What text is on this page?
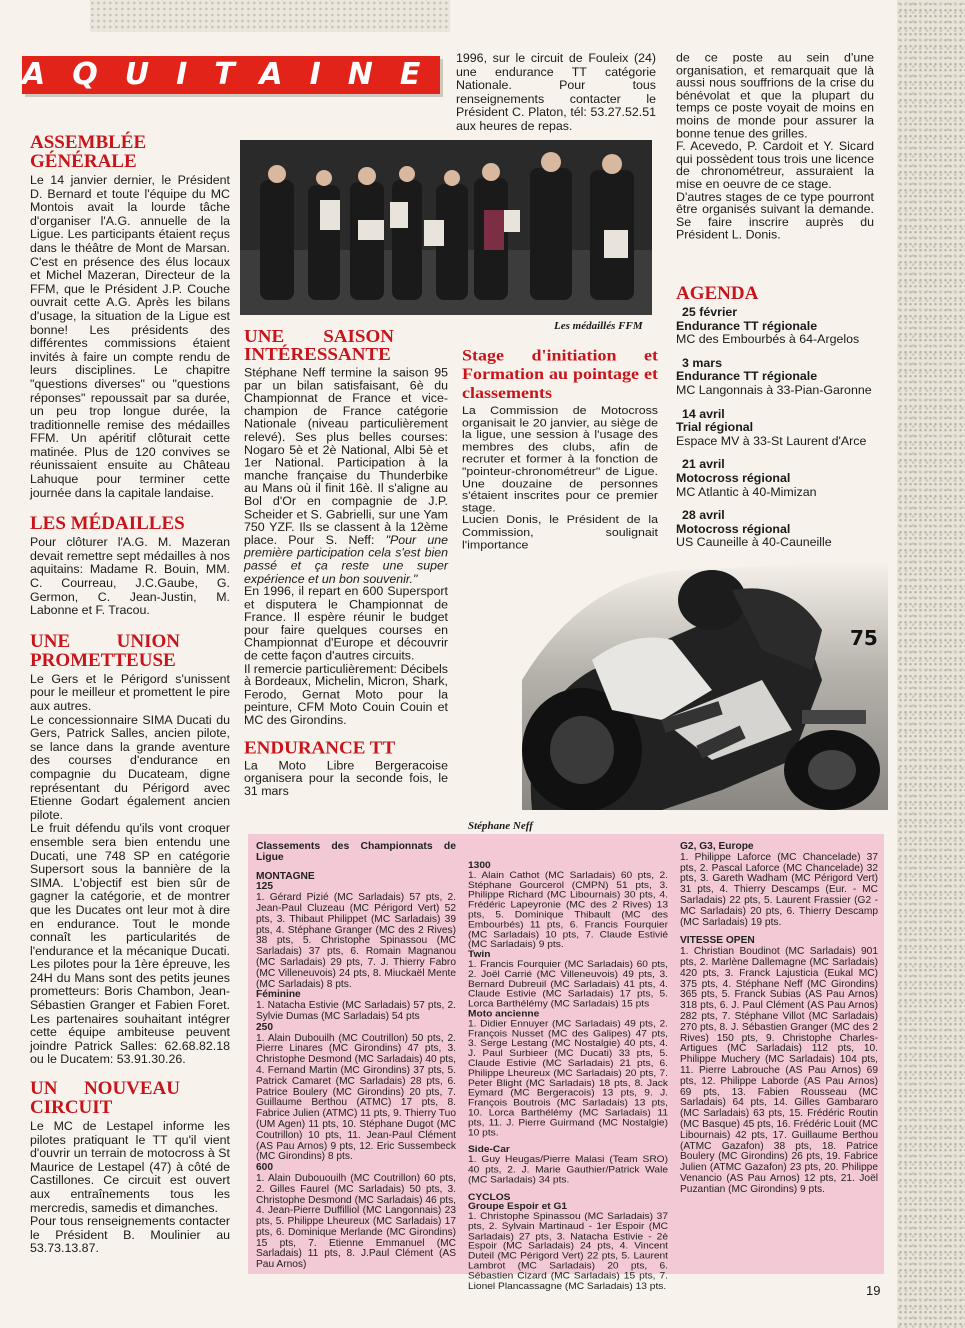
AQUITAINE
ASSEMBLÉE GÉNÉRALE

Le 14 janvier dernier, le Président D. Bernard et toute l'équipe du MC Montois avait la lourde tâche d'organiser l'A.G. annuelle de la Ligue. Les participants étaient reçus dans le théâtre de Mont de Marsan. C'est en présence des élus locaux et Michel Mazeran, Directeur de la FFM, que le Président J.P. Couche ouvrait cette A.G. Après les bilans d'usage, la situation de la Ligue est bonne! Les présidents des différentes commissions étaient invités à faire un compte rendu de leurs disciplines. Le chapitre "questions diverses" ou "questions réponses" repoussait par sa durée, un peu trop longue durée, la traditionnelle remise des médailles FFM. Un apéritif clôturait cette matinée. Plus de 120 convives se réunissaient ensuite au Château Lahuque pour terminer cette journée dans la capitale landaise.

LES MÉDAILLES

Pour clôturer l'A.G. M. Mazeran devait remettre sept médailles à nos aquitains: Madame R. Bouin, MM. C. Courreau, J.C.Gaube, G. Germon, C. Jean-Justin, M. Labonne et F. Tracou.

UNE UNION PROMETTEUSE

Le Gers et le Périgord s'unissent pour le meilleur et promettent le pire aux autres.

Le concessionnaire SIMA Ducati du Gers, Patrick Salles, ancien pilote, se lance dans la grande aventure des courses d'endurance en compagnie du Ducateam, digne représentant du Périgord avec Etienne Godart également ancien pilote.

Le fruit défendu qu'ils vont croquer ensemble sera bien entendu une Ducati, une 748 SP en catégorie Supersort sous la bannière de la SIMA. L'objectif est bien sûr de gagner la catégorie, et de montrer que les Ducates ont leur mot à dire en endurance. Tout le monde connaît les particularités de l'endurance et la mécanique Ducati. Les pilotes pour la 1ère épreuve, les 24H du Mans sont des petits jeunes prometteurs: Boris Chambon, Jean-Sébastien Granger et Fabien Foret. Les partenaires souhaitant intégrer cette équipe ambiteuse peuvent joindre Patrick Salles: 62.68.82.18 ou le Ducatem: 53.91.30.26.

UN NOUVEAU CIRCUIT

Le MC de Lestapel informe les pilotes pratiquant le TT qu'il vient d'ouvrir un terrain de motocross à St Maurice de Lestapel (47) à côté de Castillones. Ce circuit est ouvert aux entraînements tous les mercredis, samedis et dimanches.

Pour tous renseignements contacter le Président B. Moulinier au 53.73.13.87.

1996, sur le circuit de Fouleix (24) une endurance TT catégorie Nationale. Pour tous renseignements contacter le Président C. Platon, tél: 53.27.52.51 aux heures de repas.

Les médaillés FFM
UNE SAISON INTÉRESSANTE

Stéphane Neff termine la saison 95 par un bilan satisfaisant, 6è du Championnat de France et vice-champion de France catégorie Nationale (niveau particulièrement relevé). Ses plus belles courses: Nogaro 5è et 2è National, Albi 5è et 1er National. Participation à la manche française du Thunderbike au Mans où il finit 16è. Il s'aligne au Bol d'Or en compagnie de J.P. Scheider et S. Gabrielli, sur une Yam 750 YZF. Ils se classent à la 12ème place. Pour S. Neff: "Pour une première participation cela s'est bien passé et ça reste une super expérience et un bon souvenir."

En 1996, il repart en 600 Supersport et disputera le Championnat de France. Il espère réunir le budget pour faire quelques courses en Championnat d'Europe et découvrir de cette façon d'autres circuits.

Il remercie particulièrement: Décibels à Bordeaux, Michelin, Micron, Shark, Ferodo, Gernat Moto pour la peinture, CFM Moto Couin Couin et MC des Girondins.

ENDURANCE TT

La Moto Libre Bergeracoise organisera pour la seconde fois, le 31 mars

Stage d'initiation et Formation au pointage et classements

La Commission de Motocross organisait le 20 janvier, au siège de la ligue, une session à l'usage des membres des clubs, afin de recruter et former à la fonction de "pointeur-chronométreur" de Ligue. Une douzaine de personnes s'étaient inscrites pour ce premier stage.

Lucien Donis, le Président de la Commission, soulignait l'importance

de ce poste au sein d'une organisation, et remarquait que là aussi nous souffrions de la crise du bénévolat et que la plupart du temps ce poste voyait de moins en moins de monde pour assurer la bonne tenue des grilles.

F. Acevedo, P. Cardoit et Y. Sicard qui possèdent tous trois une licence de chronométreur, assuraient la mise en oeuvre de ce stage.

D'autres stages de ce type pourront être organisés suivant la demande. Se faire inscrire auprès du Président L. Donis.

AGENDA
25 février
Endurance TT régionale
MC des Embourbés à 64-Argelos
3 mars
Endurance TT régionale
MC Langonnais à 33-Pian-Garonne
14 avril
Trial régional
Espace MV à 33-St Laurent d'Arce
21 avril
Motocross régional
MC Atlantic à 40-Mimizan
28 avril
Motocross régional
US Cauneille à 40-Cauneille
75
Stéphane Neff

Classements des Championnats de Ligue

MONTAGNE

125

1. Gérard Pizié (MC Sarladais) 57 pts, 2. Jean-Paul Cluzeau (MC Périgord Vert) 52 pts, 3. Thibaut Philippet (MC Sarladais) 39 pts, 4. Stéphane Granger (MC des 2 Rives) 38 pts, 5. Christophe Spinassou (MC Sarladais) 37 pts, 6. Romain Magnanou (MC Sarladais) 29 pts, 7. J. Thierry Fabro (MC Villeneuvois) 24 pts, 8. Miuckaël Mente (MC Sarladais) 8 pts.

Féminine

1. Natacha Estivie (MC Sarladais) 57 pts, 2. Sylvie Dumas (MC Sarladais) 54 pts

250

1. Alain Dubouilh (MC Coutrillon) 50 pts, 2. Pierre Linares (MC Girondins) 47 pts, 3. Christophe Desmond (MC Sarladais) 40 pts, 4. Fernand Martin (MC Girondins) 37 pts, 5. Patrick Camaret (MC Sarladais) 28 pts, 6. Patrice Boulery (MC Girondins) 20 pts, 7. Guillaume Berthou (ATMC) 17 pts, 8. Fabrice Julien (ATMC) 11 pts, 9. Thierry Tuo (UM Agen) 11 pts, 10. Stéphane Dugot (MC Coutrillon) 10 pts, 11. Jean-Paul Clément (AS Pau Arnos) 9 pts, 12. Eric Sussembeck (MC Girondins) 8 pts.

600

1. Alain Dubououilh (MC Coutrillon) 60 pts, 2. Gilles Faurel (MC Sarladais) 50 pts, 3. Christophe Desmond (MC Sarladais) 46 pts, 4. Jean-Pierre Duffilliol (MC Langonnais) 23 pts, 5. Philippe Lheureux (MC Sarladais) 17 pts, 6. Dominique Merlande (MC Girondins) 15 pts, 7. Etienne Emmanuel (MC Sarladais) 11 pts, 8. J.Paul Clément (AS Pau Arnos)

1300

1. Alain Cathot (MC Sarladais) 60 pts, 2. Stéphane Gourcerol (CMPN) 51 pts, 3. Philippe Richard (MC Libournais) 30 pts, 4. Frédéric Lapeyronie (MC des 2 Rives) 13 pts, 5. Dominique Thibault (MC des Embourbés) 11 pts, 6. Francis Fourquier (MC Sarladais) 10 pts, 7. Claude Estivié (MC Sarladais) 9 pts.

Twin

1. Francis Fourquier (MC Sarladais) 60 pts, 2. Joël Carrié (MC Villeneuvois) 49 pts, 3. Bernard Dubreuil (MC Sarladais) 41 pts, 4. Claude Estivie (MC Sarladais) 17 pts, 5. Lorca Barthélémy (MC Sarladais) 15 pts

Moto ancienne

1. Didier Ennuyer (MC Sarladais) 49 pts, 2. François Nusset (MC des Galipes) 47 pts, 3. Serge Lestang (MC Nostalgie) 40 pts, 4. J. Paul Surbieer (MC Ducati) 33 pts, 5. Claude Estivie (MC Sarladais) 21 pts, 6. Philippe Lheureux (MC Sarladais) 20 pts, 7. Peter Blight (MC Sarladais) 18 pts, 8. Jack Eymard (MC Bergeracois) 13 pts, 9. J. François Boutrois (MC Sarladais) 13 pts, 10. Lorca Barthélémy (MC Sarladais) 11 pts, 11. J. Pierre Guirmand (MC Nostalgie) 10 pts.

Side-Car

1. Guy Heugas/Pierre Malasi (Team SRO) 40 pts, 2. J. Marie Gauthier/Patrick Wale (MC Sarladais) 34 pts.

CYCLOS

Groupe Espoir et G1

1. Christophe Spinassou (MC Sarladais) 37 pts, 2. Sylvain Martinaud - 1er Espoir (MC Sarladais) 27 pts, 3. Natacha Estivie - 2è Espoir (MC Sarladais) 24 pts, 4. Vincent Duteil (MC Périgord Vert) 22 pts, 5. Laurent Lambrot (MC Sarladais) 20 pts, 6. Sébastien Cizard (MC Sarladais) 15 pts, 7. Lionel Plancassagne (MC Sarladais) 13 pts.

G2, G3, Europe

1. Philippe Laforce (MC Chancelade) 37 pts, 2. Pascal Laforce (MC Chancelade) 32 pts, 3. Gareth Wadham (MC Périgord Vert) 31 pts, 4. Thierry Descamps (Eur. - MC Sarladais) 22 pts, 5. Laurent Frassier (G2 - MC Sarladais) 20 pts, 6. Thierry Descamp (MC Sarladais) 19 pts.

VITESSE OPEN

1. Christian Boudinot (MC Sarladais) 901 pts, 2. Marlène Dallemagne (MC Sarladais) 420 pts, 3. Franck Lajusticia (Eukal MC) 375 pts, 4. Stéphane Neff (MC Girondins) 365 pts, 5. Franck Subias (AS Pau Arnos) 318 pts, 6. J. Paul Clément (AS Pau Arnos) 282 pts, 7. Stéphane Villot (MC Sarladais) 270 pts, 8. J. Sébastien Granger (MC des 2 Rives) 150 pts, 9. Christophe Charles-Artigues (MC Sarladais) 112 pts, 10. Philippe Muchery (MC Sarladais) 104 pts, 11. Pierre Labrouche (AS Pau Arnos) 69 pts, 12. Philippe Laborde (AS Pau Arnos) 69 pts, 13. Fabien Rousseau (MC Sarladais) 64 pts, 14. Gilles Gambararo (MC Sarladais) 63 pts, 15. Frédéric Routin (MC Basque) 45 pts, 16. Frédéric Louit (MC Libournais) 42 pts, 17. Guillaume Berthou (ATMC Gazafon) 38 pts, 18. Patrice Boulery (MC Girondins) 26 pts, 19. Fabrice Julien (ATMC Gazafon) 23 pts, 20. Philippe Venancio (AS Pau Arnos) 12 pts, 21. Joël Puzantian (MC Girondins) 9 pts.

19
